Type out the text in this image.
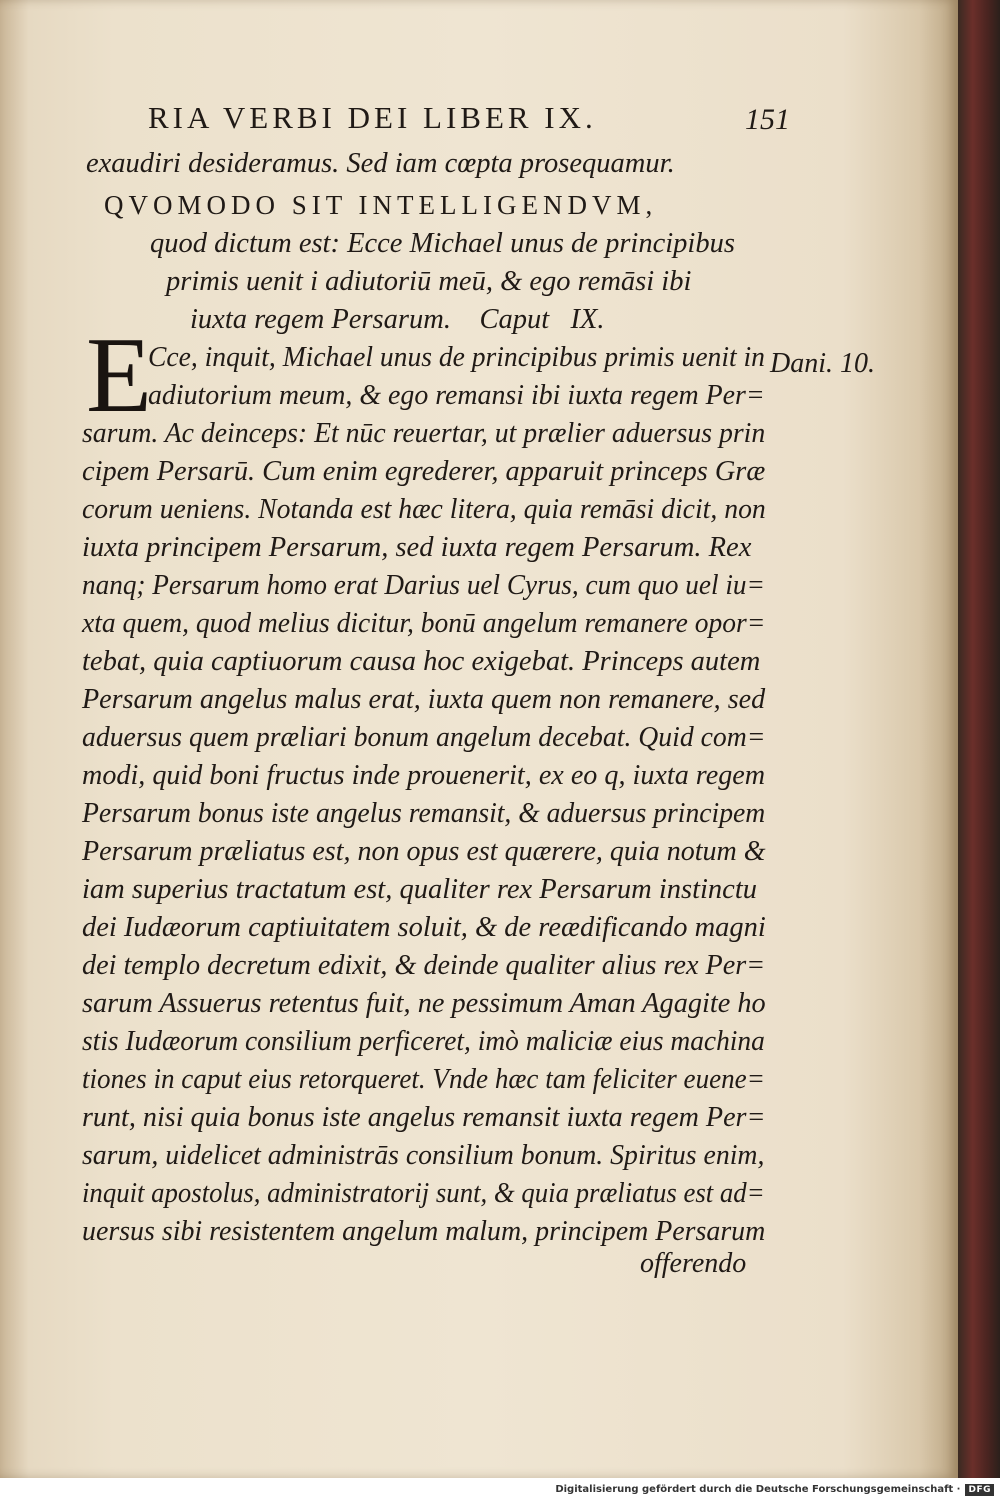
RIA VERBI DEI LIBER IX.	151
exaudiri desideramus. Sed iam cœpta prosequamur.
QVOMODO SIT INTELLIGENDVM,
quod dictum est: Ecce Michael unus de principibus
primis uenit i adiutoriū meū, & ego remāsi ibi
iuxta regem Persarum.    Caput   IX.
E	Dani. 10.
Cce, inquit, Michael unus de principibus primis uenit in
adiutorium meum, & ego remansi ibi iuxta regem Per=
sarum. Ac deinceps: Et nūc reuertar, ut prælier aduersus prin
cipem Persarū. Cum enim egrederer, apparuit princeps Græ
corum ueniens. Notanda est hæc litera, quia remāsi dicit, non
iuxta principem Persarum, sed iuxta regem Persarum. Rex
nanq; Persarum homo erat Darius uel Cyrus, cum quo uel iu=
xta quem, quod melius dicitur, bonū angelum remanere opor=
tebat, quia captiuorum causa hoc exigebat. Princeps autem
Persarum angelus malus erat, iuxta quem non remanere, sed
aduersus quem præliari bonum angelum decebat. Quid com=
modi, quid boni fructus inde prouenerit, ex eo q, iuxta regem
Persarum bonus iste angelus remansit, & aduersus principem
Persarum præliatus est, non opus est quærere, quia notum &
iam superius tractatum est, qualiter rex Persarum instinctu
dei Iudæorum captiuitatem soluit, & de reædificando magni
dei templo decretum edixit, & deinde qualiter alius rex Per=
sarum Assuerus retentus fuit, ne pessimum Aman Agagite ho
stis Iudæorum consilium perficeret, imò maliciæ eius machina
tiones in caput eius retorqueret. Vnde hæc tam feliciter euene=
runt, nisi quia bonus iste angelus remansit iuxta regem Per=
sarum, uidelicet administrās consilium bonum. Spiritus enim,
inquit apostolus, administratorij sunt, & quia præliatus est ad=
uersus sibi resistentem angelum malum, principem Persarum
offerendo
Digitalisierung gefördert durch die Deutsche Forschungsgemeinschaft · DFG
